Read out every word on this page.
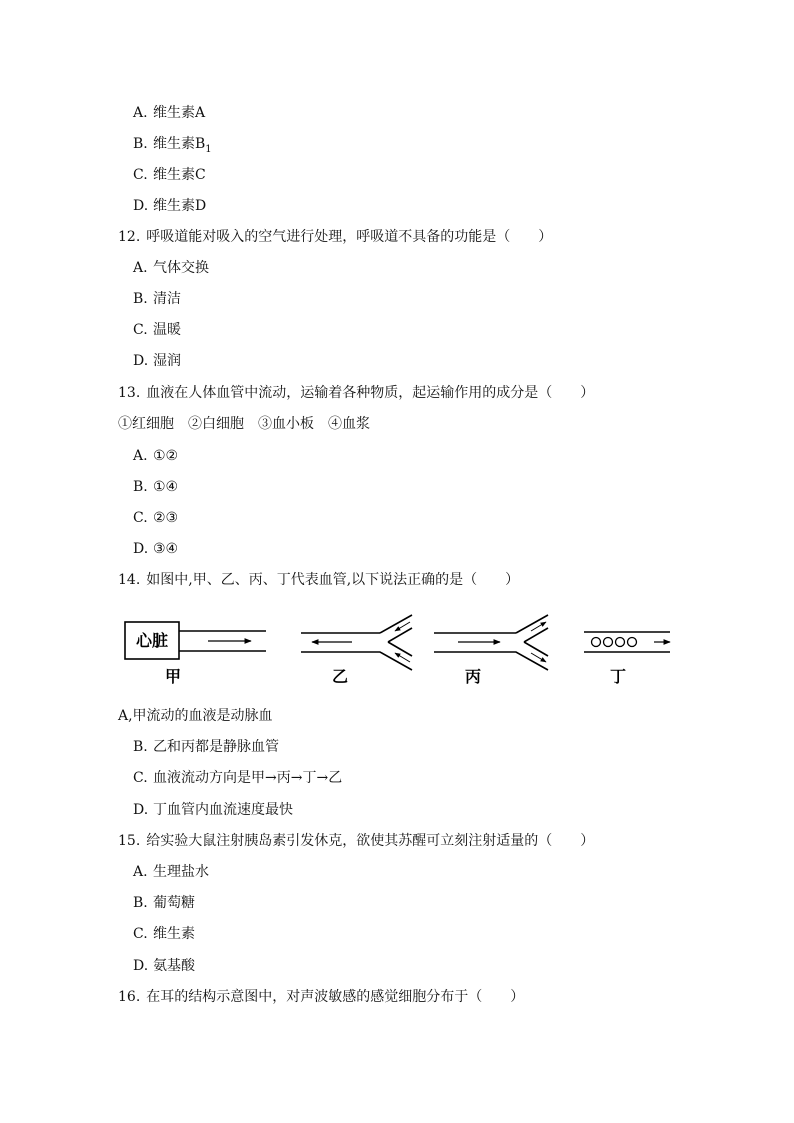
A. 维生素A
B. 维生素$B_1$
C. 维生素C
D. 维生素D
12. 呼吸道能对吸入的空气进行处理，呼吸道不具备的功能是（　　）
A. 气体交换
B. 清洁
C. 温暖
D. 湿润
13. 血液在人体血管中流动，运输着各种物质，起运输作用的成分是（　　）
①红细胞　②白细胞　③血小板　④血浆
A. ①②
B. ①④
C. ②③
D. ③④
14. 如图中,甲、乙、丙、丁代表血管,以下说法正确的是（　　）
心脏
甲	乙	丙	丁
A,甲流动的血液是动脉血
B. 乙和丙都是静脉血管
C. 血液流动方向是甲→丙→丁→乙
D. 丁血管内血流速度最快
15. 给实验大鼠注射胰岛素引发休克，欲使其苏醒可立刻注射适量的（　　）
A. 生理盐水
B. 葡萄糖
C. 维生素
D. 氨基酸
16. 在耳的结构示意图中，对声波敏感的感觉细胞分布于（　　）
